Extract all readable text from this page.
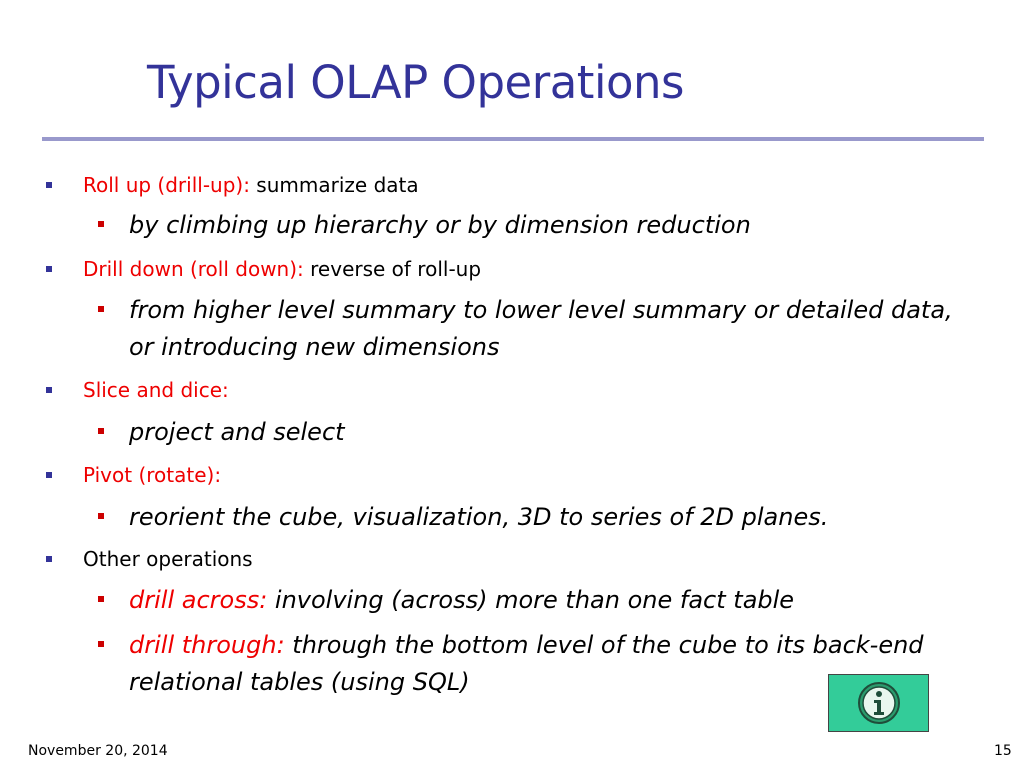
Typical OLAP Operations
Roll up (drill-up): summarize data
by climbing up hierarchy or by dimension reduction
Drill down (roll down): reverse of roll-up
from higher level summary to lower level summary or detailed data, or introducing new dimensions
Slice and dice:
project and select
Pivot (rotate):
reorient the cube, visualization, 3D to series of 2D planes.
Other operations
drill across: involving (across) more than one fact table
drill through: through the bottom level of the cube to its back-end relational tables (using SQL)
November 20, 2014	15
